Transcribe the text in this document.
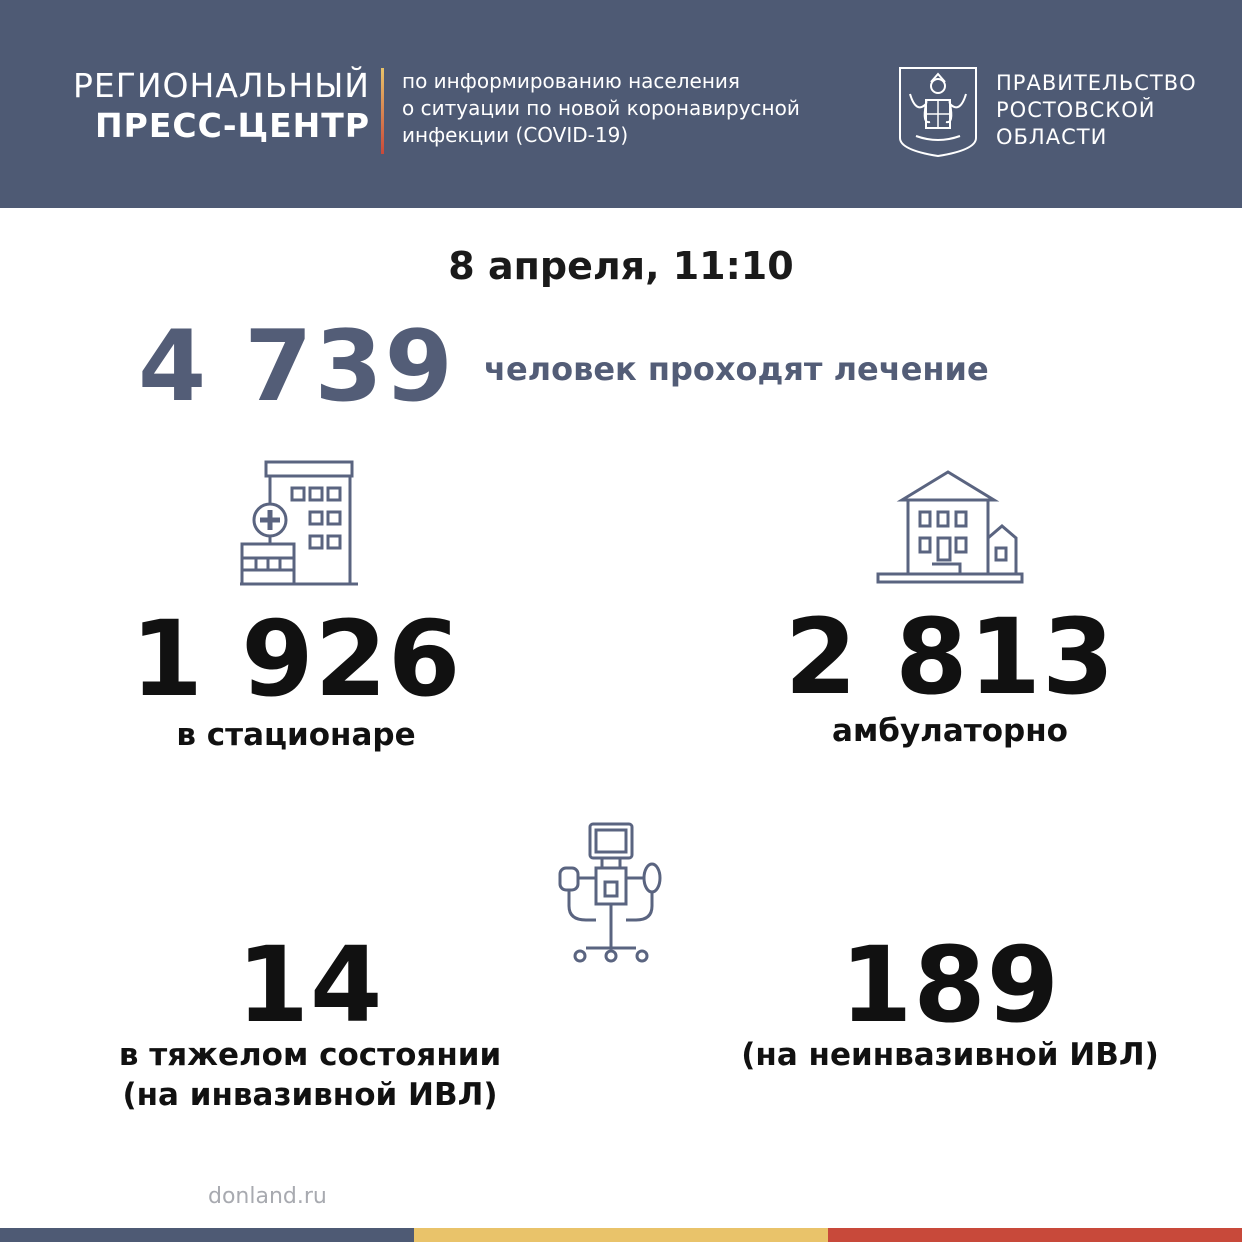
РЕГИОНАЛЬНЫЙ
ПРЕСС-ЦЕНТР
по информированию населения
о ситуации по новой коронавирусной
инфекции (COVID-19)
ПРАВИТЕЛЬСТВО
РОСТОВСКОЙ
ОБЛАСТИ
8 апреля, 11:10
4 739 человек проходят лечение
1 926
в стационаре
2 813
амбулаторно
14
в тяжелом состоянии
(на инвазивной ИВЛ)
189
(на неинвазивной ИВЛ)
donland.ru
